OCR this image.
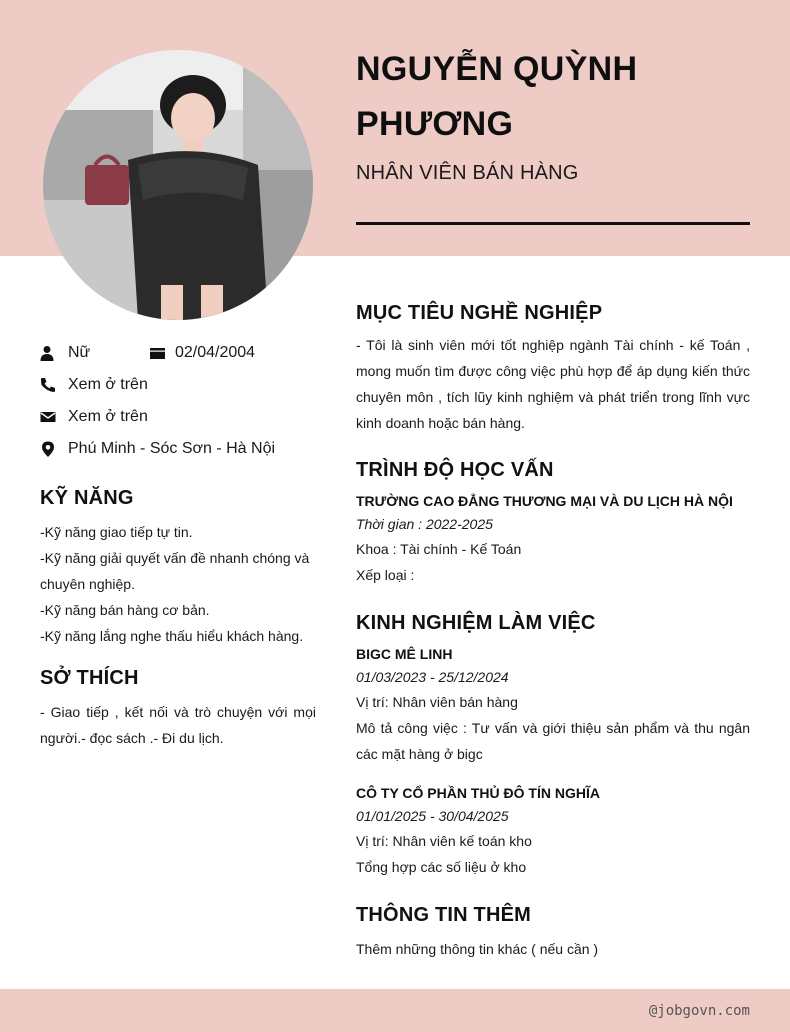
NGUYỄN QUỲNH
PHƯƠNG
NHÂN VIÊN BÁN HÀNG
Nữ	02/04/2004
Xem ở trên
Xem ở trên
Phú Minh - Sóc Sơn - Hà Nội
KỸ NĂNG

-Kỹ năng giao tiếp tự tin.

-Kỹ năng giải quyết vấn đề nhanh chóng và chuyên nghiệp.

-Kỹ năng bán hàng cơ bản.

-Kỹ năng lắng nghe thấu hiểu khách hàng.

SỞ THÍCH
- Giao tiếp , kết nối và trò chuyện với mọi người.- đọc sách .- Đi du lịch.
MỤC TIÊU NGHỀ NGHIỆP
- Tôi là sinh viên mới tốt nghiệp ngành Tài chính - kế Toán , mong muốn tìm được công việc phù hợp để áp dụng kiến thức chuyên môn , tích lũy kinh nghiệm và phát triển trong lĩnh vực kinh doanh hoặc bán hàng.
TRÌNH ĐỘ HỌC VẤN
TRƯỜNG CAO ĐẲNG THƯƠNG MẠI VÀ DU LỊCH HÀ NỘI
Thời gian : 2022-2025
Khoa : Tài chính - Kế Toán
Xếp loại :
KINH NGHIỆM LÀM VIỆC
BIGC MÊ LINH
01/03/2023 - 25/12/2024
Vị trí: Nhân viên bán hàng
Mô tả công việc : Tư vấn và giới thiệu sản phẩm và thu ngân các mặt hàng ở bigc
CÔ TY CỔ PHẦN THỦ ĐÔ TÍN NGHĨA
01/01/2025 - 30/04/2025
Vị trí: Nhân viên kế toán kho
Tổng hợp các số liệu ở kho
THÔNG TIN THÊM
Thêm những thông tin khác ( nếu cần )
@jobgovn.com
